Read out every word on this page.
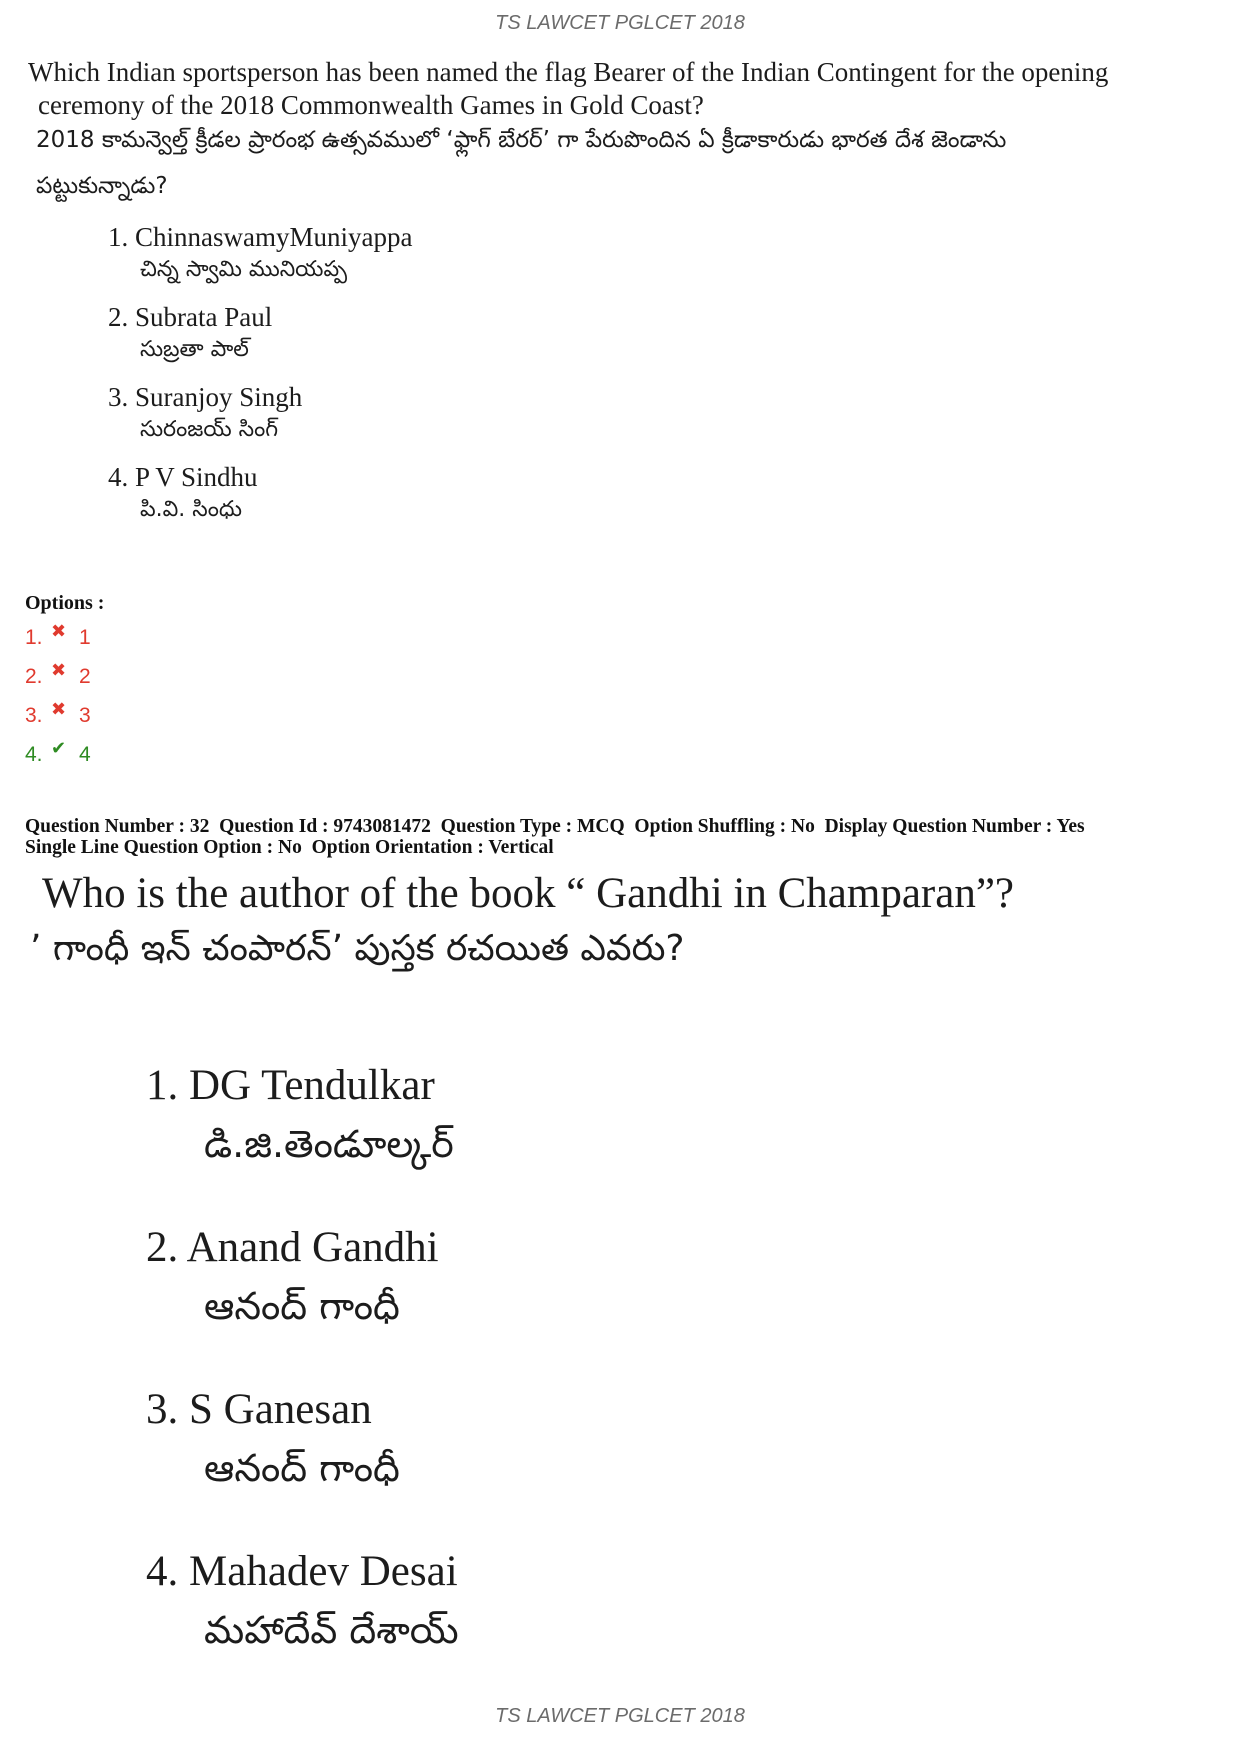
TS LAWCET PGLCET 2018
Which Indian sportsperson has been named the flag Bearer of the Indian Contingent for the opening
ceremony of the 2018 Commonwealth Games in Gold Coast?
2018 కామన్వెల్త్ క్రీడల ప్రారంభ ఉత్సవములో ‘ఫ్లాగ్ బేరర్’ గా పేరుపొందిన ఏ క్రీడాకారుడు భారత దేశ జెండాను
పట్టుకున్నాడు?
1. ChinnaswamyMuniyappa
చిన్న స్వామి మునియప్ప
2. Subrata Paul
సుబ్రతా పాల్
3. Suranjoy Singh
సురంజయ్ సింగ్
4. P V Sindhu
పి.వి. సింధు
Options :
1. ✖ 1
2. ✖ 2
3. ✖ 3
4. ✔ 4
Question Number : 32  Question Id : 9743081472  Question Type : MCQ  Option Shuffling : No  Display Question Number : Yes
Single Line Question Option : No  Option Orientation : Vertical
Who is the author of the book “ Gandhi in Champaran”?
’ గాంధీ ఇన్ చంపారన్’ పుస్తక రచయిత ఎవరు?
1. DG Tendulkar
డి.జి.తెండూల్కర్
2. Anand Gandhi
ఆనంద్ గాంధీ
3. S Ganesan
ఆనంద్ గాంధీ
4. Mahadev Desai
మహాదేవ్ దేశాయ్
TS LAWCET PGLCET 2018
